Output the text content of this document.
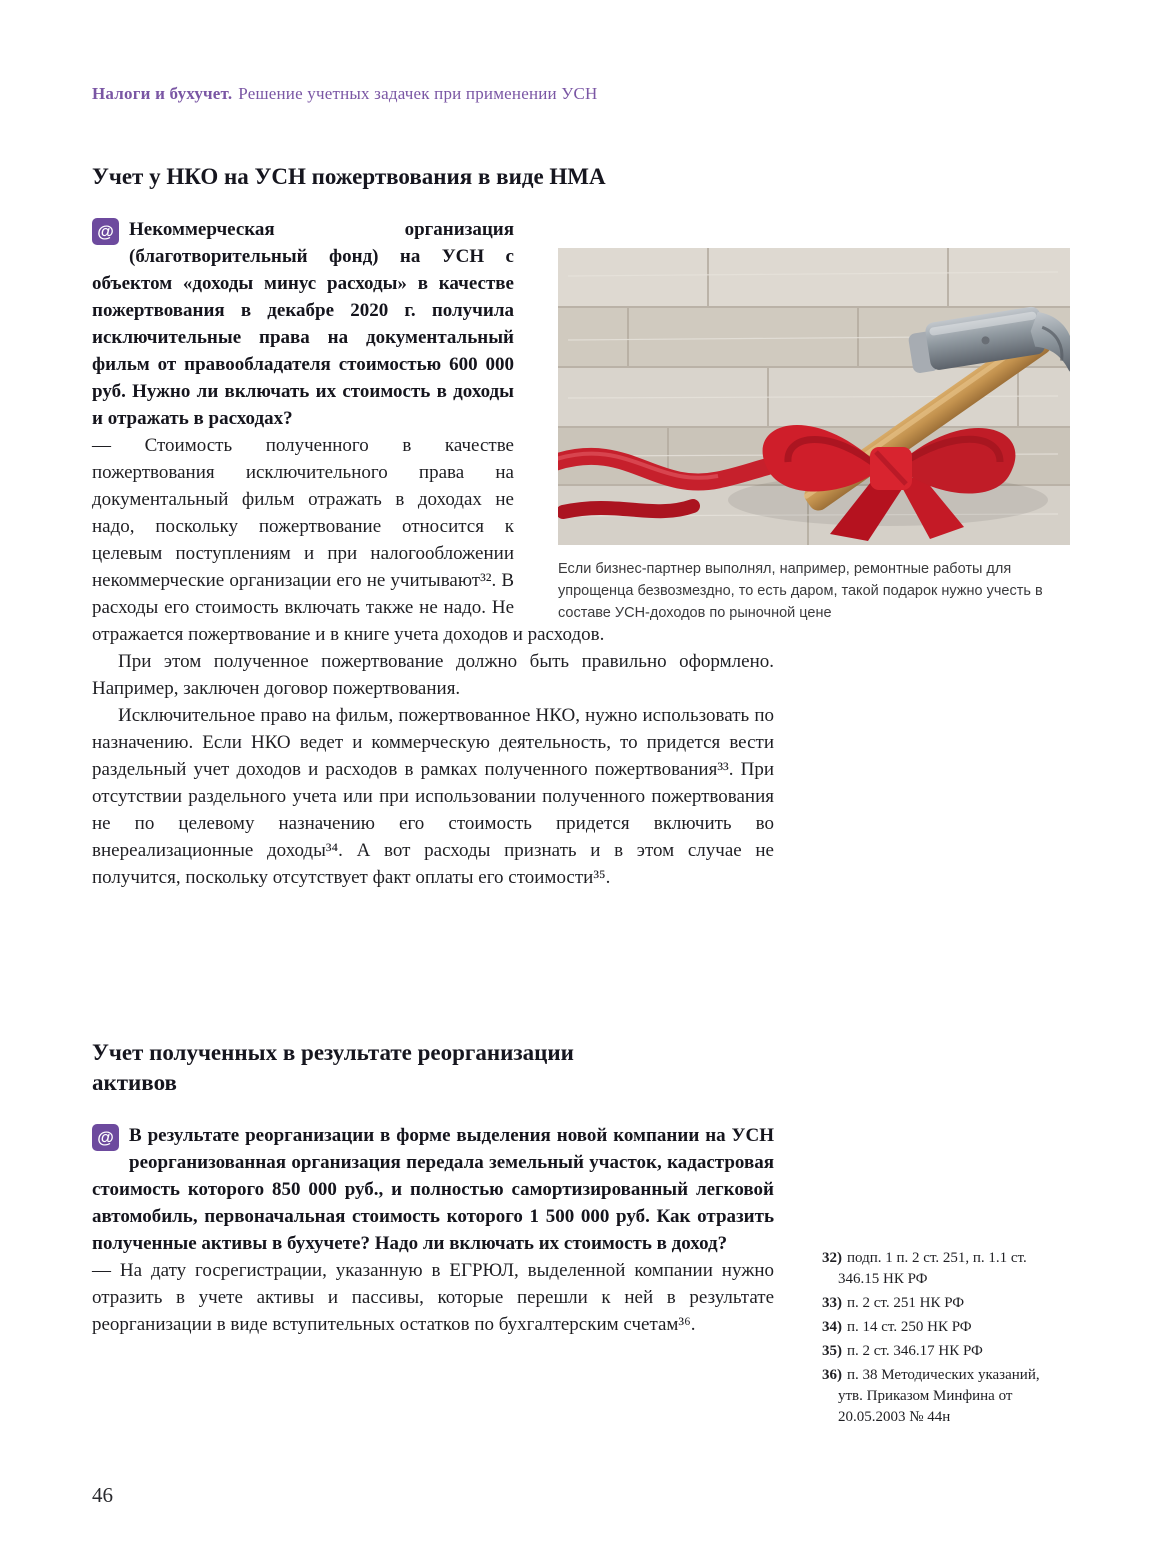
Налоги и бухучет. Решение учетных задачек при применении УСН
Учет у НКО на УСН пожертвования в виде НМА

@ Некоммерческая организация (благотворительный фонд) на УСН с объектом «доходы минус расходы» в качестве пожертвования в декабре 2020 г. получила исключительные права на документальный фильм от правообладателя стоимостью 600 000 руб. Нужно ли включать их стоимость в доходы и отражать в расходах?

— Стоимость полученного в качестве пожертвования исключительного права на документальный фильм отражать в доходах не надо, поскольку пожертвование относится к целевым поступлениям и при налогообложении некоммерческие организации его не учитывают³². В расходы его стоимость включать также не надо. Не отражается пожертвование и в книге учета доходов и расходов.

При этом полученное пожертвование должно быть правильно оформлено. Например, заключен договор пожертвования.

Исключительное право на фильм, пожертвованное НКО, нужно использовать по назначению. Если НКО ведет и коммерческую деятельность, то придется вести раздельный учет доходов и расходов в рамках полученного пожертвования³³. При отсутствии раздельного учета или при использовании полученного пожертвования не по целевому назначению его стоимость придется включить во внереализационные доходы³⁴. А вот расходы признать и в этом случае не получится, поскольку отсутствует факт оплаты его стоимости³⁵.

Если бизнес-партнер выполнял, например, ремонтные работы для упрощенца безвозмездно, то есть даром, такой подарок нужно учесть в составе УСН-доходов по рыночной цене
Учет полученных в результате реорганизации активов

@ В результате реорганизации в форме выделения новой компании на УСН реорганизованная организация передала земельный участок, кадастровая стоимость которого 850 000 руб., и полностью самортизированный легковой автомобиль, первоначальная стоимость которого 1 500 000 руб. Как отразить полученные активы в бухучете? Надо ли включать их стоимость в доход?

— На дату госрегистрации, указанную в ЕГРЮЛ, выделенной компании нужно отразить в учете активы и пассивы, которые перешли к ней в результате реорганизации в виде вступительных остатков по бухгалтерским счетам³⁶.

32) подп. 1 п. 2 ст. 251, п. 1.1 ст. 346.15 НК РФ
33) п. 2 ст. 251 НК РФ
34) п. 14 ст. 250 НК РФ
35) п. 2 ст. 346.17 НК РФ
36) п. 38 Методических указаний, утв. Приказом Минфина от 20.05.2003 № 44н
46
